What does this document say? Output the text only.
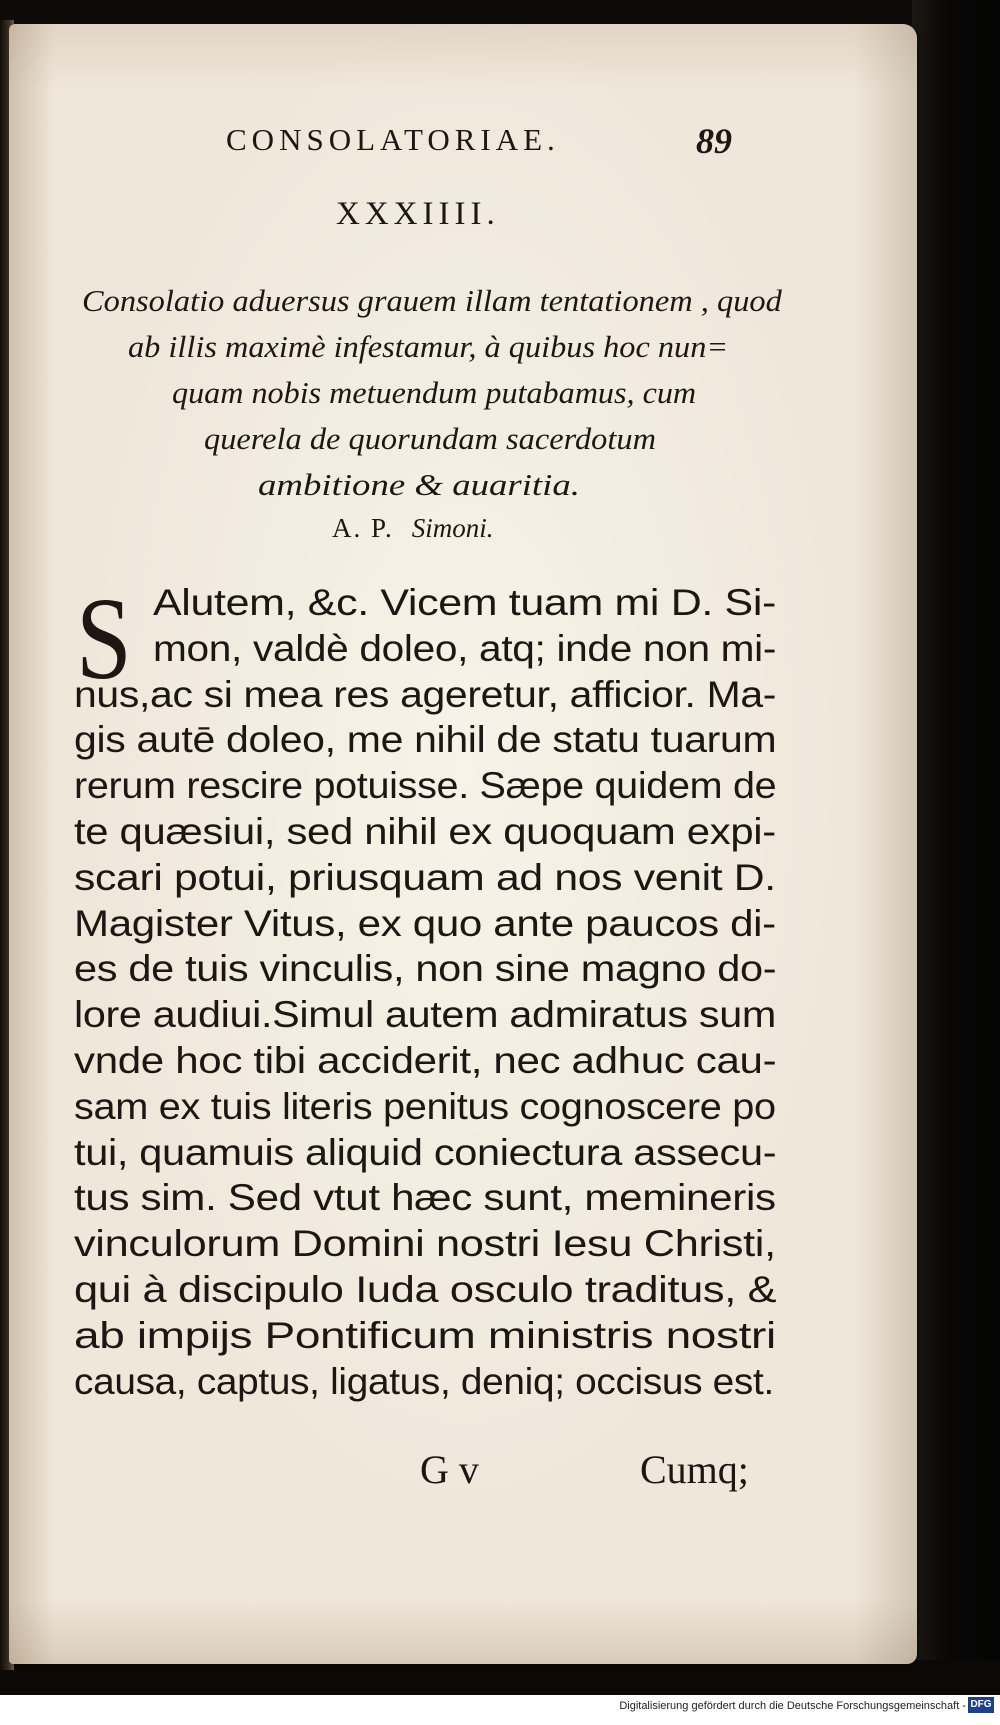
CONSOLATORIAE.	89
XXXIIII.
Consolatio aduersus grauem illam tentationem , quod
ab illis maximè infestamur, à quibus hoc nun=
quam nobis metuendum putabamus, cum
querela de quorundam sacerdotum
ambitione & auaritia.
A. P. Simoni.
S Alutem, &c. Vicem tuam mi D. Si-
mon, valdè doleo, atq; inde non mi-
nus,ac si mea res ageretur, afficior. Ma-
gis autē doleo, me nihil de statu tuarum
rerum rescire potuisse. Sæpe quidem de
te quæsiui, sed nihil ex quoquam expi-
scari potui, priusquam ad nos venit D.
Magister Vitus, ex quo ante paucos di-
es de tuis vinculis, non sine magno do-
lore audiui.Simul autem admiratus sum
vnde hoc tibi acciderit, nec adhuc cau-
sam ex tuis literis penitus cognoscere po
tui, quamuis aliquid coniectura assecu-
tus sim. Sed vtut hæc sunt, memineris
vinculorum Domini nostri Iesu Christi,
qui à discipulo Iuda osculo traditus, &
ab impijs Pontificum ministris nostri
causa, captus, ligatus, deniq; occisus est.
G v	Cumq;
Digitalisierung gefördert durch die Deutsche Forschungsgemeinschaft - DFG
